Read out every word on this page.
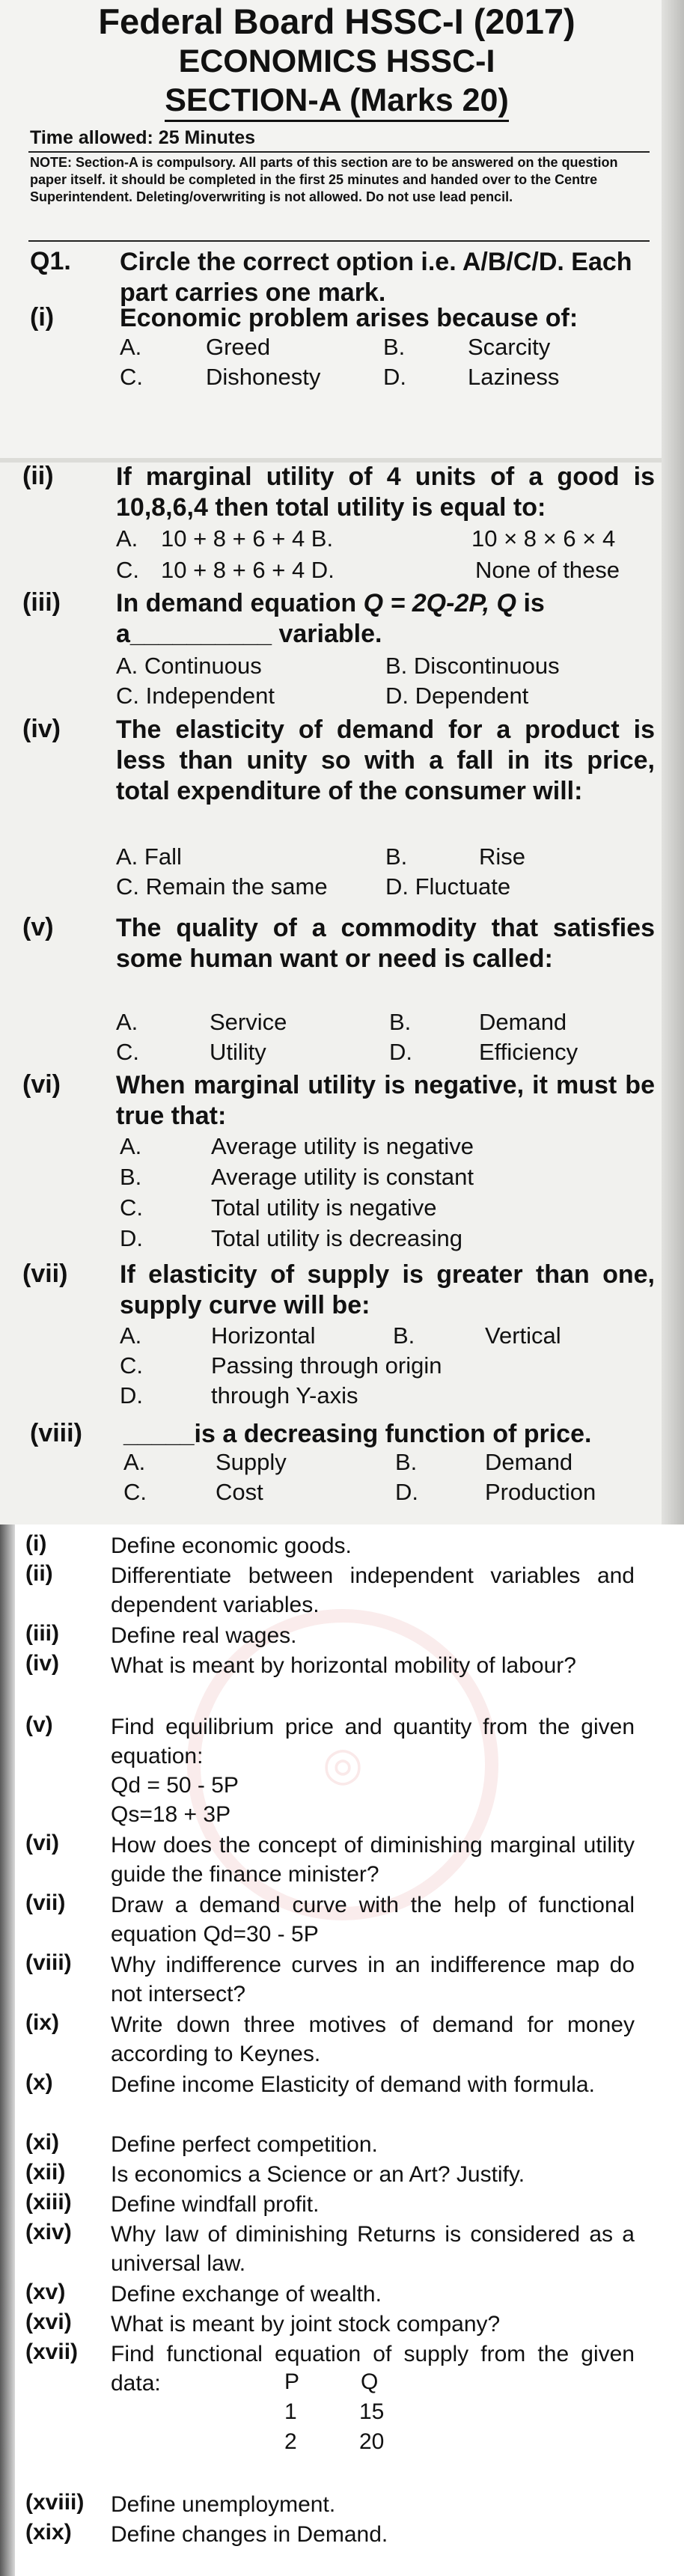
Federal Board HSSC-I (2017)
ECONOMICS HSSC-I
SECTION-A (Marks 20)
Time allowed: 25 Minutes
NOTE: Section-A is compulsory. All parts of this section are to be answered on the question paper itself. it should be completed in the first 25 minutes and handed over to the Centre Superintendent. Deleting/overwriting is not allowed. Do not use lead pencil.
Q1. Circle the correct option i.e. A/B/C/D. Each part carries one mark.
(i)	Economic problem arises because of:
A.	Greed	B.	Scarcity
C.	Dishonesty	D.	Laziness
(ii) If marginal utility of 4 units of a good is 10,8,6,4 then total utility is equal to:
A. 10 + 8 + 6 + 4 B.	10 × 8 × 6 × 4
C. 10 + 8 + 6 + 4 D.	None of these
(iii) In demand equation Q = 2Q-2P, Q is
a__________ variable.
A. Continuous	B. Discontinuous
C. Independent	D. Dependent
(iv) The elasticity of demand for a product is less than unity so with a fall in its price, total expenditure of the consumer will:
A. Fall	B.	Rise
C. Remain the same D. Fluctuate
(v) The quality of a commodity that satisfies some human want or need is called:
A.	Service	B.	Demand
C.	Utility	D.	Efficiency
(vi) When marginal utility is negative, it must be true that:
A.	Average utility is negative
B.	Average utility is constant
C.	Total utility is negative
D.	Total utility is decreasing
(vii) If elasticity of supply is greater than one, supply curve will be:
A.	Horizontal	B.	Vertical
C.	Passing through origin
D.	through Y-axis
(viii) _____is a decreasing function of price.
A.	Supply	B.	Demand
C.	Cost	D.	Production
◎
(i)	Define economic goods.
(ii)	Differentiate between independent variables and dependent variables.
(iii) Define real wages.
(iv) What is meant by horizontal mobility of labour?
(v)	Find equilibrium price and quantity from the given equation:
Qd = 50 - 5P
Qs=18 + 3P
(vi) How does the concept of diminishing marginal utility guide the finance minister?
(vii) Draw a demand curve with the help of functional equation Qd=30 - 5P
(viii) Why indifference curves in an indifference map do not intersect?
(ix) Write down three motives of demand for money according to Keynes.
(x)	Define income Elasticity of demand with formula.
(xi) Define perfect competition.
(xii) Is economics a Science or an Art? Justify.
(xiii) Define windfall profit.
(xiv) Why law of diminishing Returns is considered as a universal law.
(xv) Define exchange of wealth.
(xvi) What is meant by joint stock company?
(xvii) Find functional equation of supply from the given data:	P	Q
1	15
2	20
(xviii) Define unemployment.
(xix) Define changes in Demand.
